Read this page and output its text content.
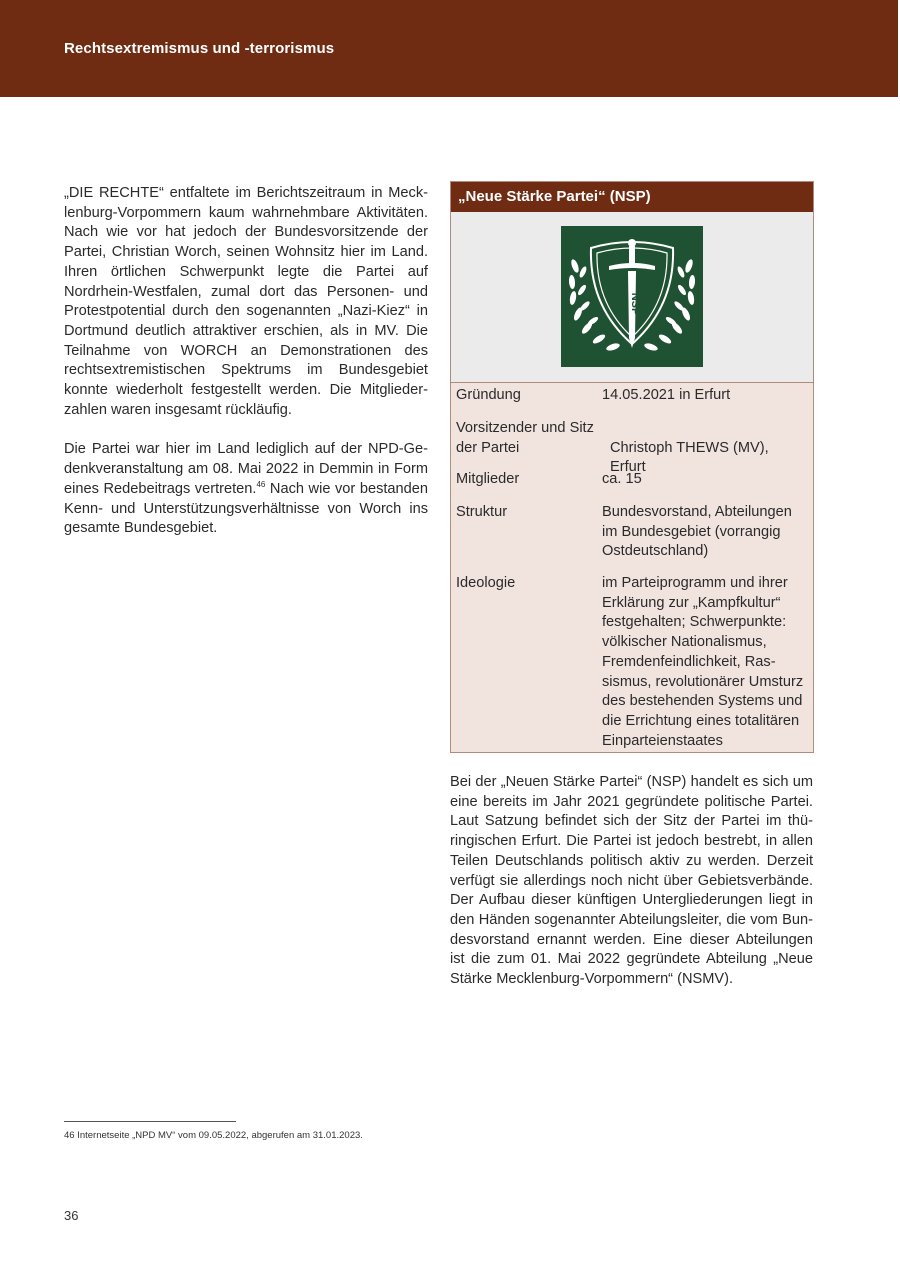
Rechtsextremismus und -terrorismus

„DIE RECHTE“ entfaltete im Berichtszeitraum in Mecklenburg-Vorpommern kaum wahrnehmbare Aktivitäten. Nach wie vor hat jedoch der Bundesvorsitzende der Partei, Christian Worch, seinen Wohnsitz hier im Land. Ihren örtlichen Schwerpunkt legte die Partei auf Nordrhein-Westfalen, zumal dort das Personen- und Protestpotential durch den sogenannten „Nazi-Kiez“ in Dortmund deutlich attraktiver erschien, als in MV. Die Teilnahme von WORCH an Demonstrationen des rechtsextremistischen Spektrums im Bundesgebiet konnte wiederholt festgestellt werden. Die Mitgliederzahlen waren insgesamt rückläufig.

Die Partei war hier im Land lediglich auf der NPD-Gedenkveranstaltung am 08. Mai 2022 in Demmin in Form eines Redebeitrags vertreten.$^{46}$ Nach wie vor bestanden Kenn- und Unterstützungsverhältnisse von Worch ins gesamte Bundesgebiet.

„Neue Stärke Partei“ (NSP)
NSP
Gründung	14.05.2021 in Erfurt
Vorsitzender und Sitz der Partei	Christoph THEWS (MV), Erfurt
Mitglieder	ca. 15
Struktur	Bundesvorstand, Abteilungen im Bundesgebiet (vorrangig Ostdeutschland)
Ideologie	im Parteiprogramm und ihrer Erklärung zur „Kampfkultur“ festgehalten; Schwerpunkte: völkischer Nationalismus, Fremdenfeindlichkeit, Rassismus, revolutionärer Umsturz des bestehenden Systems und die Errichtung eines totalitären Einparteienstaates

Bei der „Neuen Stärke Partei“ (NSP) handelt es sich um eine bereits im Jahr 2021 gegründete politische Partei. Laut Satzung befindet sich der Sitz der Partei im thüringischen Erfurt. Die Partei ist jedoch bestrebt, in allen Teilen Deutschlands politisch aktiv zu werden. Derzeit verfügt sie allerdings noch nicht über Gebietsverbände. Der Aufbau dieser künftigen Untergliederungen liegt in den Händen sogenannter Abteilungsleiter, die vom Bundesvorstand ernannt werden. Eine dieser Abteilungen ist die zum 01. Mai 2022 gegründete Abteilung „Neue Stärke Mecklenburg-Vorpommern“ (NSMV).

46 Internetseite „NPD MV“ vom 09.05.2022, abgerufen am 31.01.2023.
36
